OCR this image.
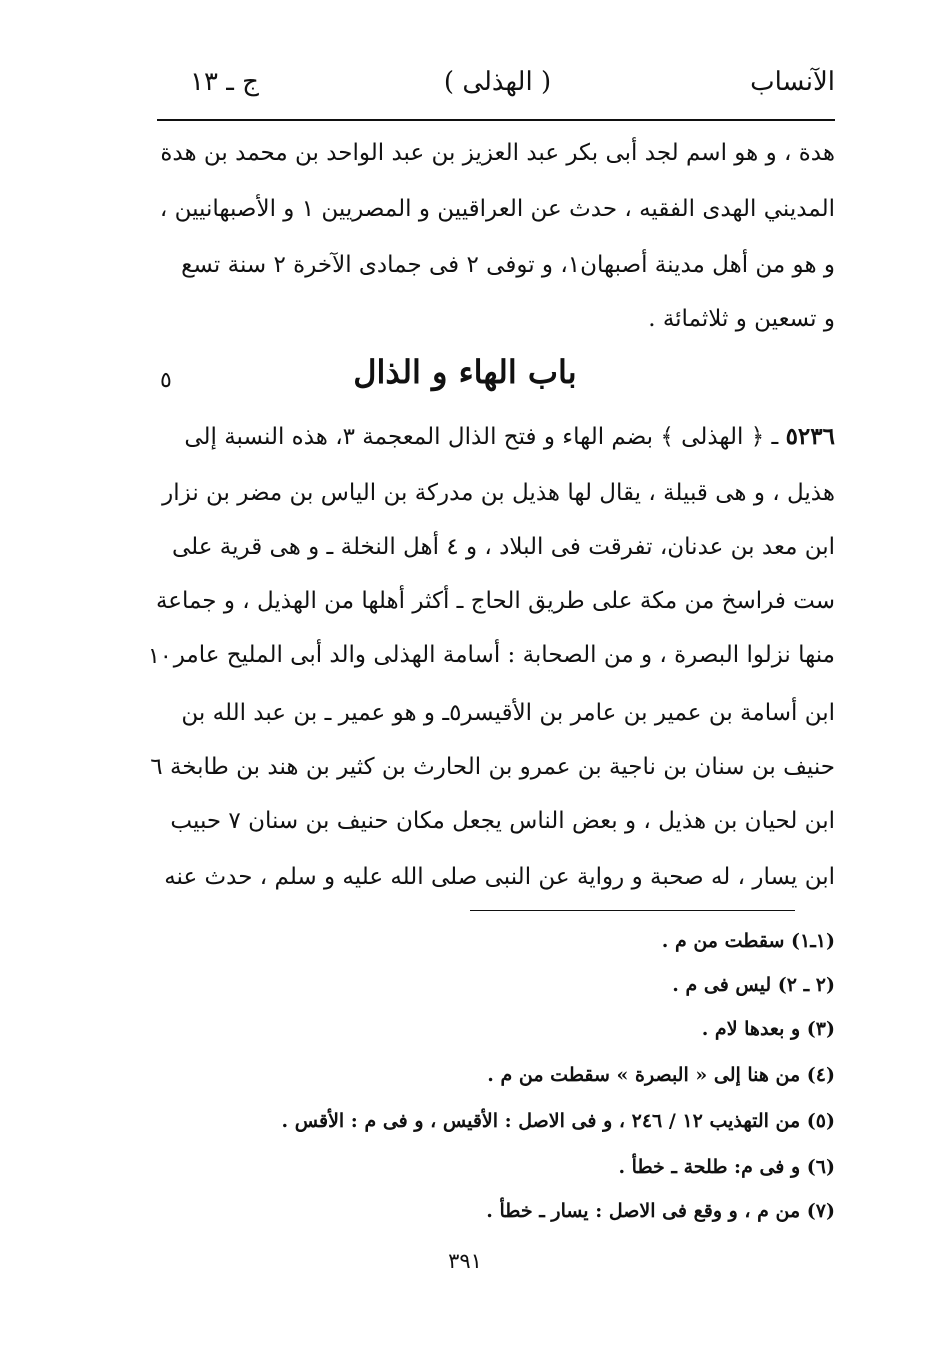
الآنساب
( الهذلى )
ج ـ ١٣
هدة ، و هو اسم لجد أبى بكر عبد العزيز بن عبد الواحد بن محمد بن هدة
المديني الهدى الفقيه ، حدث عن العراقيين و المصريين ١ و الأصبهانيين ،
و هو من أهل مدينة أصبهان١، و توفى ٢ فى جمادى الآخرة ٢ سنة تسع
و تسعين و ثلاثمائة .
باب الهاء و الذال
٥
٥٢٣٦ ـ ﴿ الهذلى ﴾ بضم الهاء و فتح الذال المعجمة ٣، هذه النسبة إلى
هذيل ، و هى قبيلة ، يقال لها هذيل بن مدركة بن الياس بن مضر بن نزار
ابن معد بن عدنان، تفرقت فى البلاد ، و ٤ أهل النخلة ـ و هى قرية على
ست فراسخ من مكة على طريق الحاج ـ أكثر أهلها من الهذيل ، و جماعة
منها نزلوا البصرة ، و من الصحابة : أسامة الهذلى والد أبى المليح عامر
١٠
ابن أسامة بن عمير بن عامر بن الأقيسر٥ـ و هو عمير ـ بن عبد الله بن
حنيف بن سنان بن ناجية بن عمرو بن الحارث بن كثير بن هند بن طابخة ٦
ابن لحيان بن هذيل ، و بعض الناس يجعل مكان حنيف بن سنان ٧ حبيب
ابن يسار ، له صحبة و رواية عن النبى صلى الله عليه و سلم ، حدث عنه
(١ـ١) سقطت من م .
(٢ ـ ٢) ليس فى م .
(٣) و بعدها لام .
(٤) من هنا إلى « البصرة » سقطت من م .
(٥) من التهذيب ١٢ / ٢٤٦ ، و فى الاصل : الأقيس ، و فى م : الأقس .
(٦) و فى م: طلحة ـ خطأ .
(٧) من م ، و وقع فى الاصل : يسار ـ خطأ .
٣٩١
